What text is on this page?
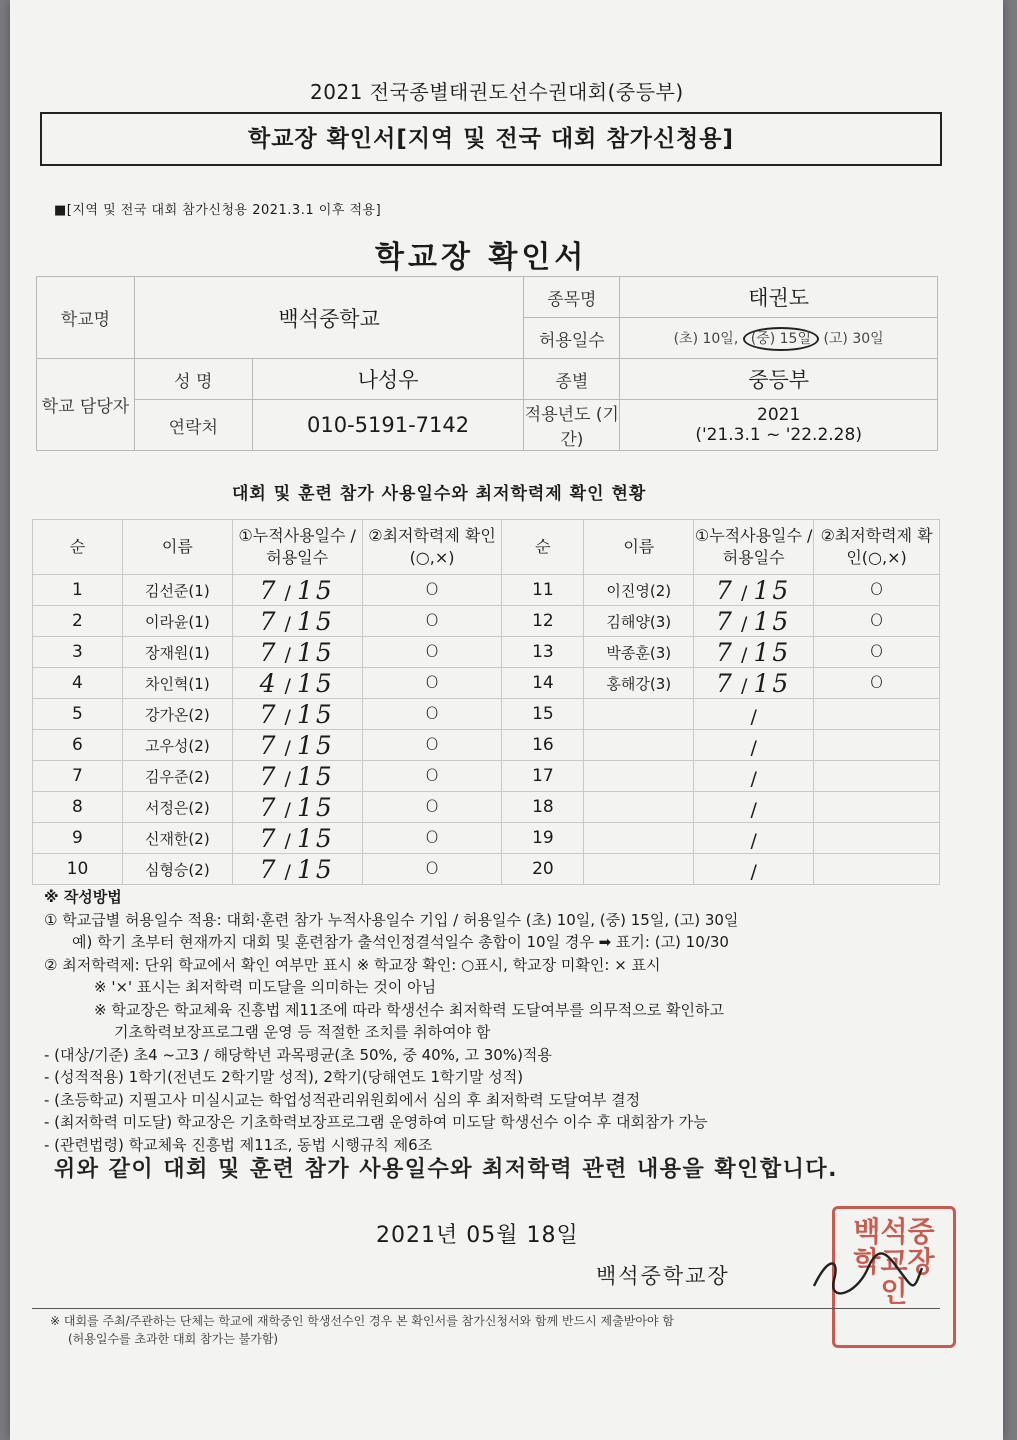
2021 전국종별태권도선수권대회(중등부)
학교장 확인서[지역 및 전국 대회 참가신청용]
■[지역 및 전국 대회 참가신청용 2021.3.1 이후 적용]
학교장 확인서
학교명	백석중학교		종목명	태권도
			허용일수	(초) 10일, (중) 15일 (고) 30일
학교 담당자	성 명	나성우	종별	중등부
	연락처	010-5191-7142	적용년도 (기간)	2021
('21.3.1 ~ '22.2.28)
대회 및 훈련 참가 사용일수와 최저학력제 확인 현황
순	이름	①누적사용일수 /허용일수	②최저학력제 확인(○,×)	순	이름	①누적사용일수 /허용일수	②최저학력제 확인(○,×)
1	김선준(1)	7 / 15	O	11	이진영(2)	7 / 15	O
2	이라윤(1)	7 / 15	O	12	김해양(3)	7 / 15	O
3	장재원(1)	7 / 15	O	13	박종훈(3)	7 / 15	O
4	차인혁(1)	4 / 15	O	14	홍해강(3)	7 / 15	O
5	강가온(2)	7 / 15	O	15		/	
6	고우성(2)	7 / 15	O	16		/	
7	김우준(2)	7 / 15	O	17		/	
8	서정은(2)	7 / 15	O	18		/	
9	신재한(2)	7 / 15	O	19		/	
10	심형승(2)	7 / 15	O	20		/	
※ 작성방법
① 학교급별 허용일수 적용: 대회·훈련 참가 누적사용일수 기입 / 허용일수 (초) 10일, (중) 15일, (고) 30일
예) 학기 초부터 현재까지 대회 및 훈련참가 출석인정결석일수 총합이 10일 경우 ➡ 표기: (고) 10/30
② 최저학력제: 단위 학교에서 확인 여부만 표시 ※ 학교장 확인: ○표시, 학교장 미확인: × 표시
※ '×' 표시는 최저학력 미도달을 의미하는 것이 아님
※ 학교장은 학교체육 진흥법 제11조에 따라 학생선수 최저학력 도달여부를 의무적으로 확인하고
기초학력보장프로그램 운영 등 적절한 조치를 취하여야 함
- (대상/기준) 초4 ~고3 / 해당학년 과목평균(초 50%, 중 40%, 고 30%)적용
- (성적적용) 1학기(전년도 2학기말 성적), 2학기(당해연도 1학기말 성적)
- (초등학교) 지필고사 미실시교는 학업성적관리위원회에서 심의 후 최저학력 도달여부 결정
- (최저학력 미도달) 학교장은 기초학력보장프로그램 운영하여 미도달 학생선수 이수 후 대회참가 가능
- (관련법령) 학교체육 진흥법 제11조, 동법 시행규칙 제6조
위와 같이 대회 및 훈련 참가 사용일수와 최저학력 관련 내용을 확인합니다.
2021년 05월 18일
백석중학교장
백석중
학교장
인
※ 대회를 주최/주관하는 단체는 학교에 재학중인 학생선수인 경우 본 확인서를 참가신청서와 함께 반드시 제출받아야 함
(허용일수를 초과한 대회 참가는 불가함)
